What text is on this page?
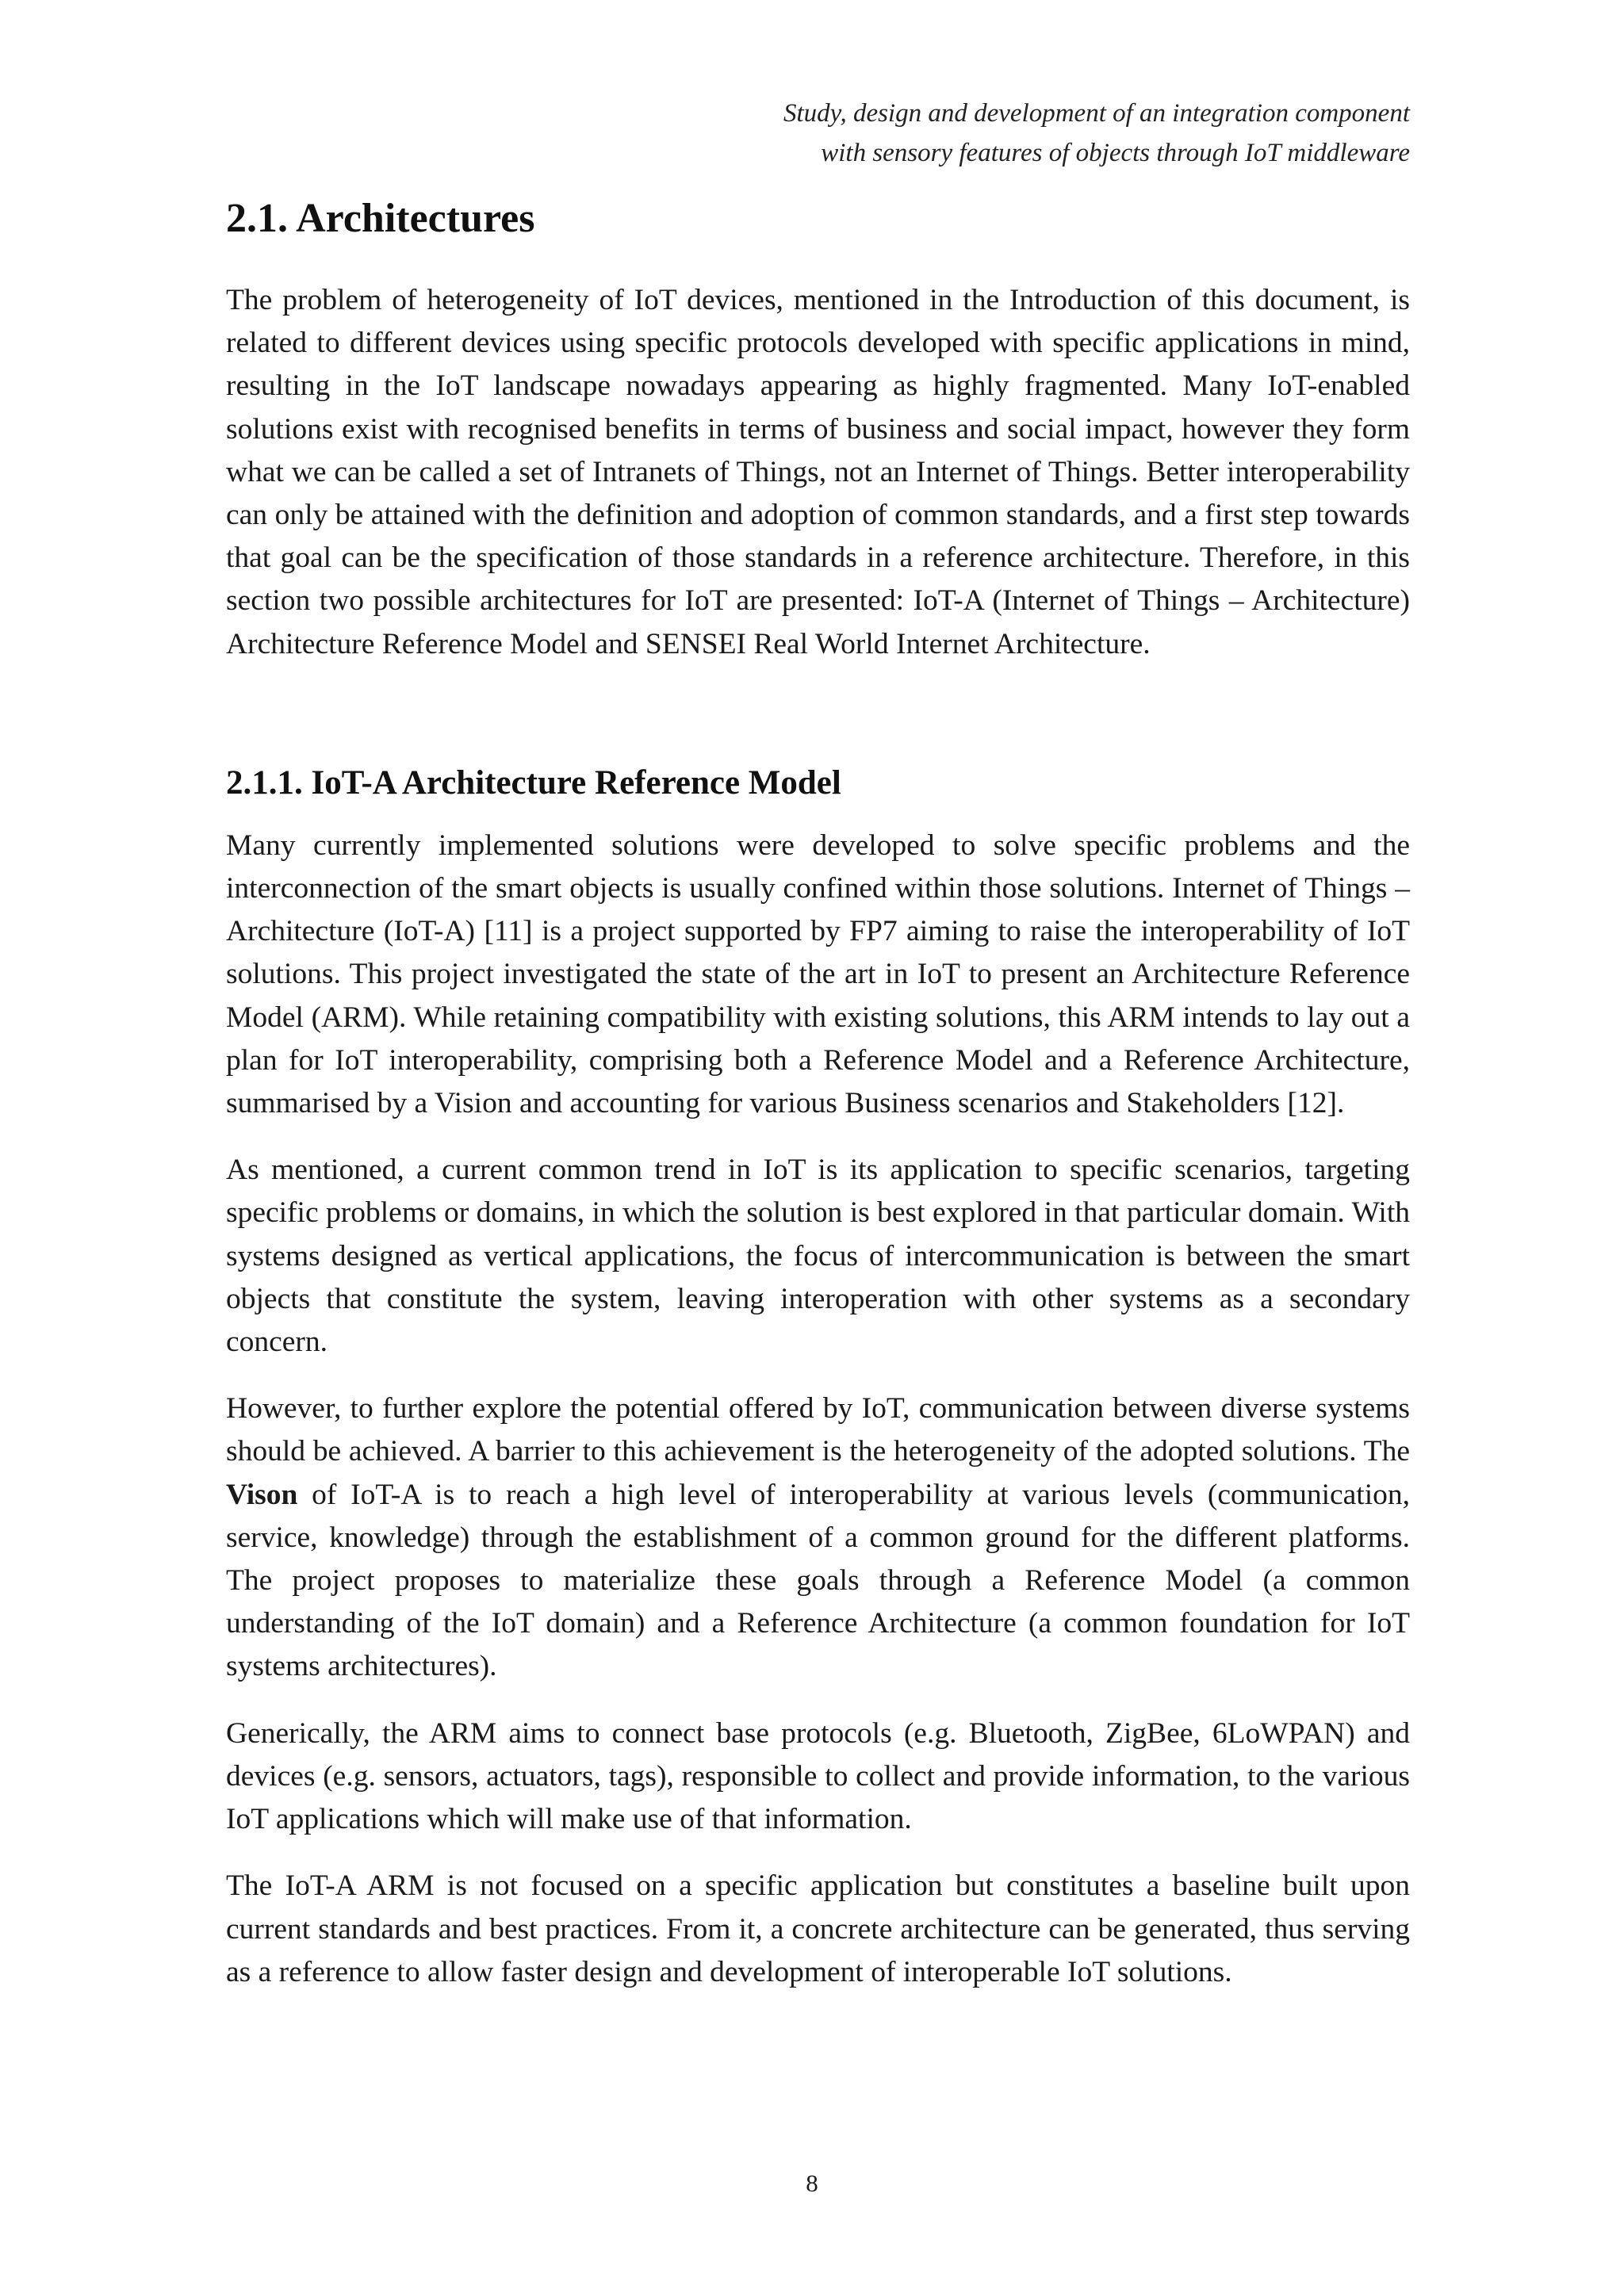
Study, design and development of an integration component
with sensory features of objects through IoT middleware
2.1. Architectures

The problem of heterogeneity of IoT devices, mentioned in the Introduction of this document, is related to different devices using specific protocols developed with specific applications in mind, resulting in the IoT landscape nowadays appearing as highly fragmented. Many IoT-enabled solutions exist with recognised benefits in terms of business and social impact, however they form what we can be called a set of Intranets of Things, not an Internet of Things. Better interoperability can only be attained with the definition and adoption of common standards, and a first step towards that goal can be the specification of those standards in a reference architecture. Therefore, in this section two possible architectures for IoT are presented: IoT-A (Internet of Things – Architecture) Architecture Reference Model and SENSEI Real World Internet Architecture.

2.1.1. IoT-A Architecture Reference Model

Many currently implemented solutions were developed to solve specific problems and the interconnection of the smart objects is usually confined within those solutions. Internet of Things – Architecture (IoT-A) [11] is a project supported by FP7 aiming to raise the interoperability of IoT solutions. This project investigated the state of the art in IoT to present an Architecture Reference Model (ARM). While retaining compatibility with existing solutions, this ARM intends to lay out a plan for IoT interoperability, comprising both a Reference Model and a Reference Architecture, summarised by a Vision and accounting for various Business scenarios and Stakeholders [12].

As mentioned, a current common trend in IoT is its application to specific scenarios, targeting specific problems or domains, in which the solution is best explored in that particular domain. With systems designed as vertical applications, the focus of intercommunication is between the smart objects that constitute the system, leaving interoperation with other systems as a secondary concern.

However, to further explore the potential offered by IoT, communication between diverse systems should be achieved. A barrier to this achievement is the heterogeneity of the adopted solutions. The Vison of IoT-A is to reach a high level of interoperability at various levels (communication, service, knowledge) through the establishment of a common ground for the different platforms. The project proposes to materialize these goals through a Reference Model (a common understanding of the IoT domain) and a Reference Architecture (a common foundation for IoT systems architectures).

Generically, the ARM aims to connect base protocols (e.g. Bluetooth, ZigBee, 6LoWPAN) and devices (e.g. sensors, actuators, tags), responsible to collect and provide information, to the various IoT applications which will make use of that information.

The IoT-A ARM is not focused on a specific application but constitutes a baseline built upon current standards and best practices. From it, a concrete architecture can be generated, thus serving as a reference to allow faster design and development of interoperable IoT solutions.

8
